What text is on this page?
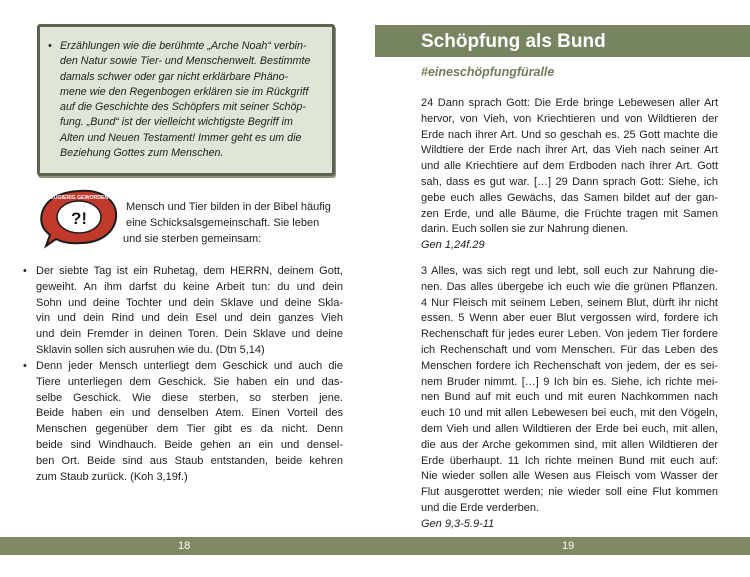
• Erzählungen wie die berühmte „Arche Noah“ verbin-
den Natur sowie Tier- und Menschenwelt. Bestimmte
damals schwer oder gar nicht erklärbare Phäno-
mene wie den Regenbogen erklären sie im Rückgriff
auf die Geschichte des Schöpfers mit seiner Schöp-
fung. „Bund“ ist der vielleicht wichtigste Begriff im
Alten und Neuen Testament! Immer geht es um die
Beziehung Gottes zum Menschen.
?!
NEUGIERIG GEWORDEN?
Mensch und Tier bilden in der Bibel häufig
eine Schicksalsgemeinschaft. Sie leben
und sie sterben gemeinsam:
• Der siebte Tag ist ein Ruhetag, dem HERRN, deinem Gott,
geweiht. An ihm darfst du keine Arbeit tun: du und dein
Sohn und deine Tochter und dein Sklave und deine Skla-
vin und dein Rind und dein Esel und dein ganzes Vieh
und dein Fremder in deinen Toren. Dein Sklave und deine
Sklavin sollen sich ausruhen wie du. (Dtn 5,14)
• Denn jeder Mensch unterliegt dem Geschick und auch die
Tiere unterliegen dem Geschick. Sie haben ein und das-
selbe Geschick. Wie diese sterben, so sterben jene.
Beide haben ein und denselben Atem. Einen Vorteil des
Menschen gegenüber dem Tier gibt es da nicht. Denn
beide sind Windhauch. Beide gehen an ein und densel-
ben Ort. Beide sind aus Staub entstanden, beide kehren
zum Staub zurück. (Koh 3,19f.)
Schöpfung als Bund
#eineschöpfungfüralle
24 Dann sprach Gott: Die Erde bringe Lebewesen aller Art
hervor, von Vieh, von Kriechtieren und von Wildtieren der
Erde nach ihrer Art. Und so geschah es. 25 Gott machte die
Wildtiere der Erde nach ihrer Art, das Vieh nach seiner Art
und alle Kriechtiere auf dem Erdboden nach ihrer Art. Gott
sah, dass es gut war. […] 29 Dann sprach Gott: Siehe, ich
gebe euch alles Gewächs, das Samen bildet auf der gan-
zen Erde, und alle Bäume, die Früchte tragen mit Samen
darin. Euch sollen sie zur Nahrung dienen.
Gen 1,24f.29
3 Alles, was sich regt und lebt, soll euch zur Nahrung die-
nen. Das alles übergebe ich euch wie die grünen Pflanzen.
4 Nur Fleisch mit seinem Leben, seinem Blut, dürft ihr nicht
essen. 5 Wenn aber euer Blut vergossen wird, fordere ich
Rechenschaft für jedes eurer Leben. Von jedem Tier fordere
ich Rechenschaft und vom Menschen. Für das Leben des
Menschen fordere ich Rechenschaft von jedem, der es sei-
nem Bruder nimmt. […] 9 Ich bin es. Siehe, ich richte mei-
nen Bund auf mit euch und mit euren Nachkommen nach
euch 10 und mit allen Lebewesen bei euch, mit den Vögeln,
dem Vieh und allen Wildtieren der Erde bei euch, mit allen,
die aus der Arche gekommen sind, mit allen Wildtieren der
Erde überhaupt. 11 Ich richte meinen Bund mit euch auf:
Nie wieder sollen alle Wesen aus Fleisch vom Wasser der
Flut ausgerottet werden; nie wieder soll eine Flut kommen
und die Erde verderben.
Gen 9,3-5.9-11
18	19
